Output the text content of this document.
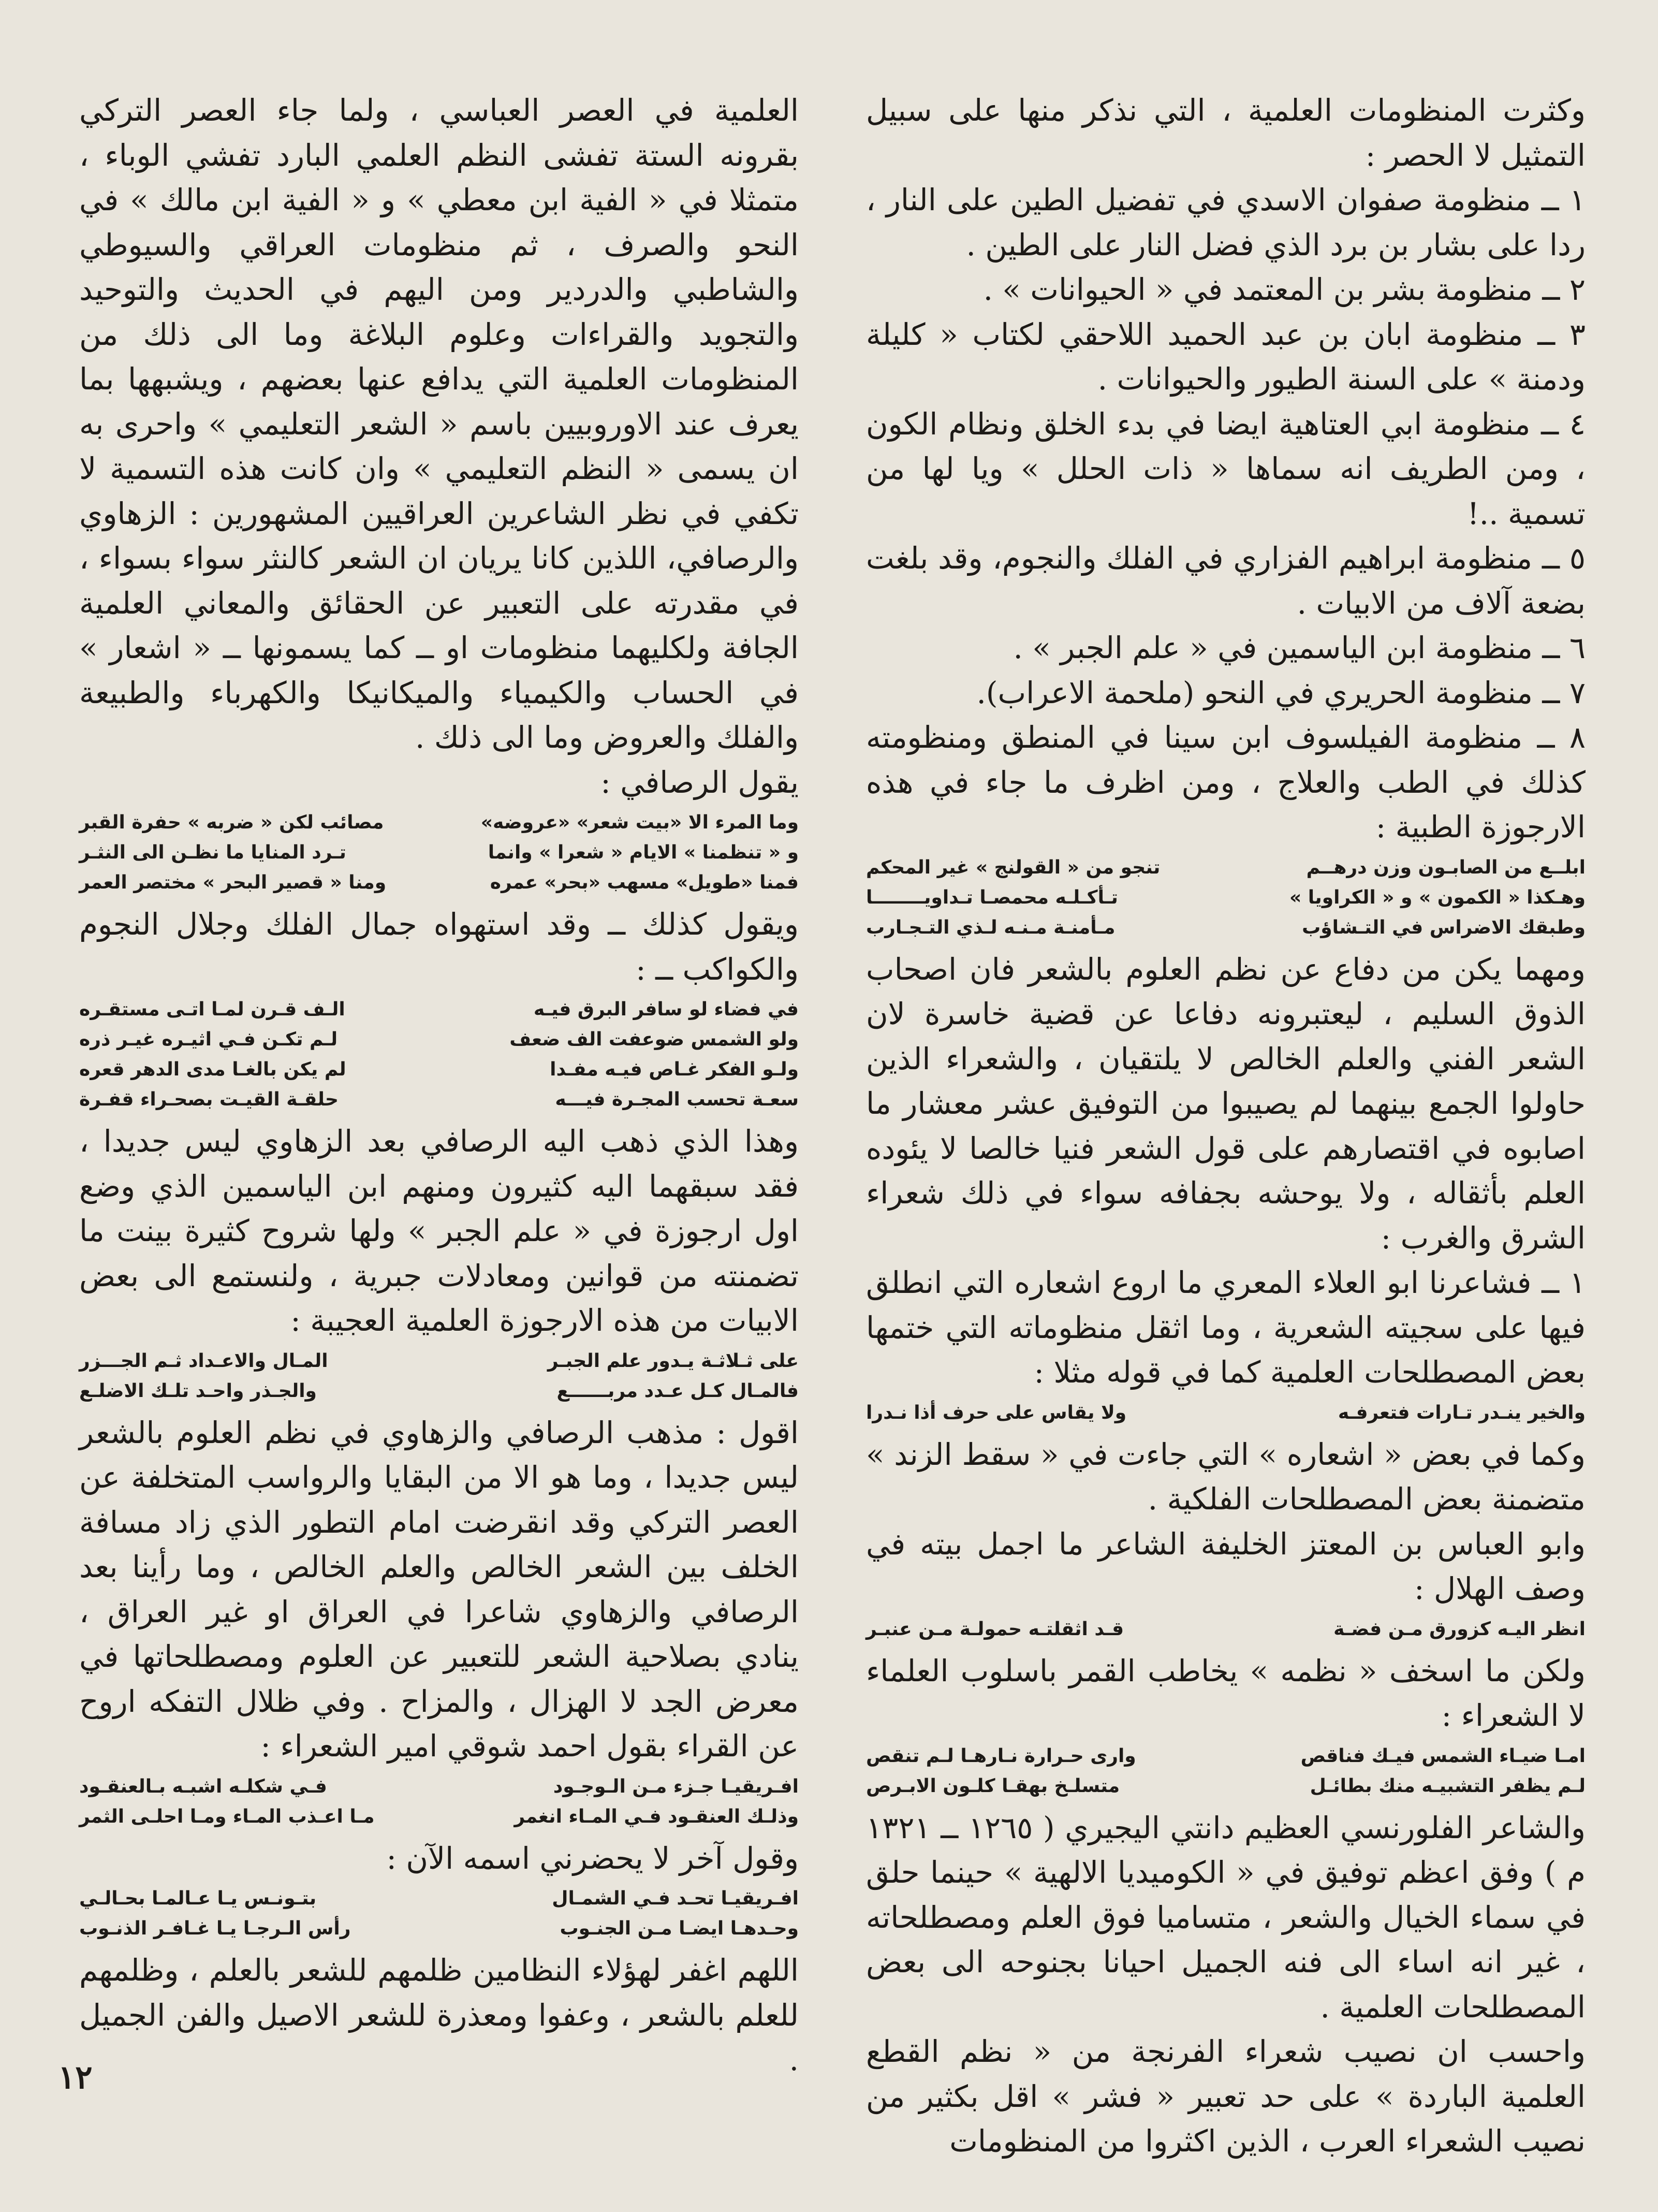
وكثرت المنظومات العلمية ، التي نذكر منها على سبيل التمثيل لا الحصر :

١ ــ منظومة صفوان الاسدي في تفضيل الطين على النار ، ردا على بشار بن برد الذي فضل النار على الطين .

٢ ــ منظومة بشر بن المعتمد في « الحيوانات » .

٣ ــ منظومة ابان بن عبد الحميد اللاحقي لكتاب « كليلة ودمنة » على السنة الطيور والحيوانات .

٤ ــ منظومة ابي العتاهية ايضا في بدء الخلق ونظام الكون ، ومن الطريف انه سماها « ذات الحلل » ويا لها من تسمية ..!

٥ ــ منظومة ابراهيم الفزاري في الفلك والنجوم، وقد بلغت بضعة آلاف من الابيات .

٦ ــ منظومة ابن الياسمين في « علم الجبر » .

٧ ــ منظومة الحريري في النحو (ملحمة الاعراب).

٨ ــ منظومة الفيلسوف ابن سينا في المنطق ومنظومته كذلك في الطب والعلاج ، ومن اظرف ما جاء في هذه الارجوزة الطبية :

ابلــع من الصابـون وزن درهــم
تنجو من « القولنج » غير المحكم
وهـكذا « الكمون » و « الكراويا »
تـأكـلـه محمصـا تـداويــــــــا
وطبقك الاضراس في التـشاؤب
مـأمنـة مـنـه لـذي التـجـارب

ومهما يكن من دفاع عن نظم العلوم بالشعر فان اصحاب الذوق السليم ، ليعتبرونه دفاعا عن قضية خاسرة لان الشعر الفني والعلم الخالص لا يلتقيان ، والشعراء الذين حاولوا الجمع بينهما لم يصيبوا من التوفيق عشر معشار ما اصابوه في اقتصارهم على قول الشعر فنيا خالصا لا يئوده العلم بأثقاله ، ولا يوحشه بجفافه سواء في ذلك شعراء الشرق والغرب :

١ ــ فشاعرنا ابو العلاء المعري ما اروع اشعاره التي انطلق فيها على سجيته الشعرية ، وما اثقل منظوماته التي ختمها بعض المصطلحات العلمية كما في قوله مثلا :

والخير ينـدر تـارات فتعرفـه
ولا يقاس على حرف أذا نـدرا

وكما في بعض « اشعاره » التي جاءت في « سقط الزند » متضمنة بعض المصطلحات الفلكية .

وابو العباس بن المعتز الخليفة الشاعر ما اجمل بيته في وصف الهلال :

انظر اليـه كزورق مـن فضـة
قـد اثقلتـه حمولـة مـن عنبـر

ولكن ما اسخف « نظمه » يخاطب القمر باسلوب العلماء لا الشعراء :

امـا ضيـاء الشمس فيـك فناقص
وارى حـرارة نـارهـا لـم تنقص
لـم يظفر التشبيـه منك بطائـل
متسلـخ بهقـا كلـون الابـرص

والشاعر الفلورنسي العظيم دانتي اليجيري ( ١٢٦٥ ــ ١٣٢١ م ) وفق اعظم توفيق في « الكوميديا الالهية » حينما حلق في سماء الخيال والشعر ، متساميا فوق العلم ومصطلحاته ، غير انه اساء الى فنه الجميل احيانا بجنوحه الى بعض المصطلحات العلمية .

واحسب ان نصيب شعراء الفرنجة من « نظم القطع العلمية الباردة » على حد تعبير « فشر » اقل بكثير من نصيب الشعراء العرب ، الذين اكثروا من المنظومات

العلمية في العصر العباسي ، ولما جاء العصر التركي بقرونه الستة تفشى النظم العلمي البارد تفشي الوباء ، متمثلا في « الفية ابن معطي » و « الفية ابن مالك » في النحو والصرف ، ثم منظومات العراقي والسيوطي والشاطبي والدردير ومن اليهم في الحديث والتوحيد والتجويد والقراءات وعلوم البلاغة وما الى ذلك من المنظومات العلمية التي يدافع عنها بعضهم ، ويشبهها بما يعرف عند الاوروبيين باسم « الشعر التعليمي » واحرى به ان يسمى « النظم التعليمي » وان كانت هذه التسمية لا تكفي في نظر الشاعرين العراقيين المشهورين : الزهاوي والرصافي، اللذين كانا يريان ان الشعر كالنثر سواء بسواء ، في مقدرته على التعبير عن الحقائق والمعاني العلمية الجافة ولكليهما منظومات او ــ كما يسمونها ــ « اشعار » في الحساب والكيمياء والميكانيكا والكهرباء والطبيعة والفلك والعروض وما الى ذلك .

يقول الرصافي :

وما المرء الا «بيت شعر» «عروضه»
مصائب لكن « ضربه » حفرة القبر
و « تنظمنا » الايام « شعرا » وانما
تـرد المنايا ما نظـن الى النثـر
فمنا «طويل» مسهب «بحر» عمره
ومنا « قصير البحر » مختصر العمر

ويقول كذلك ــ وقد استهواه جمال الفلك وجلال النجوم والكواكب ــ :

في فضاء لو سافر البرق فيـه
الـف قـرن لمـا اتـى مستقـره
ولو الشمس ضوعفت الف ضعف
لـم تكـن فـي اثيـره غيـر ذره
ولـو الفكر غـاص فيـه مفـدا
لم يكن بالغـا مدى الدهر قعره
سعـة تحسب المجـرة فيـــه
حلقـة القيـت بصحـراء قفـرة

وهذا الذي ذهب اليه الرصافي بعد الزهاوي ليس جديدا ، فقد سبقهما اليه كثيرون ومنهم ابن الياسمين الذي وضع اول ارجوزة في « علم الجبر » ولها شروح كثيرة بينت ما تضمنته من قوانين ومعادلات جبرية ، ولنستمع الى بعض الابيات من هذه الارجوزة العلمية العجيبة :

على ثـلاثـة يـدور علم الجبـر
المـال والاعـداد ثـم الجـــزر
فالمـال كـل عـدد مربــــــع
والجـذر واحـد تلـك الاضلـع

اقول : مذهب الرصافي والزهاوي في نظم العلوم بالشعر ليس جديدا ، وما هو الا من البقايا والرواسب المتخلفة عن العصر التركي وقد انقرضت امام التطور الذي زاد مسافة الخلف بين الشعر الخالص والعلم الخالص ، وما رأينا بعد الرصافي والزهاوي شاعرا في العراق او غير العراق ، ينادي بصلاحية الشعر للتعبير عن العلوم ومصطلحاتها في معرض الجد لا الهزال ، والمزاح . وفي ظلال التفكه اروح عن القراء بقول احمد شوقي امير الشعراء :

افـريقيـا جـزء مـن الـوجـود
فـي شكلـه اشبـه بـالعنقـود
وذلـك العنقـود فـي المـاء انغمر
مـا اعـذب المـاء ومـا احلـى الثمر

وقول آخر لا يحضرني اسمه الآن :

افـريقيـا تحـد فـي الشمـال
بتـونـس يـا عـالمـا بحـالـي
وحـدهـا ايضـا مـن الجنـوب
رأس الـرجـا يـا غـافـر الذنـوب

اللهم اغفر لهؤلاء النظامين ظلمهم للشعر بالعلم ، وظلمهم للعلم بالشعر ، وعفوا ومعذرة للشعر الاصيل والفن الجميل .

١٢
